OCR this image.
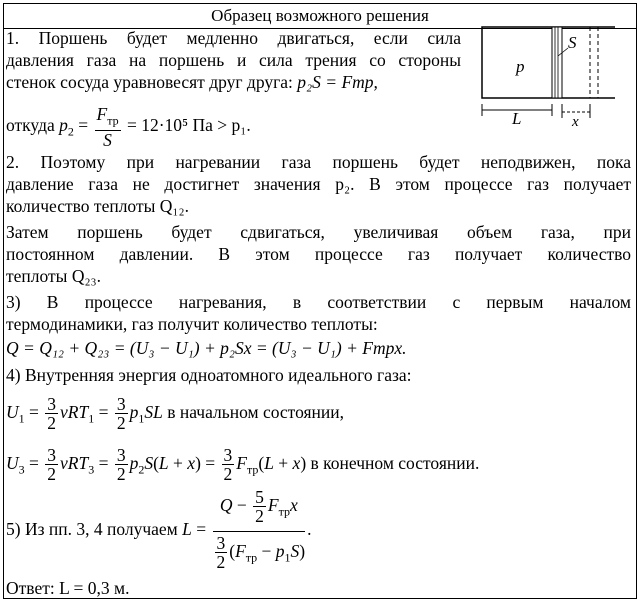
Образец возможного решения
1. Поршень будет медленно двигаться, если сила
давления газа на поршень и сила трения со стороны
стенок сосуда уравновесят друг друга: p₂S = Fтр,
откуда $p_2 = \frac{F_{тр}}{S} = 12\cdot 10^5$ Па > p₁.
p
S
L	x
2. Поэтому при нагревании газа поршень будет неподвижен, пока
давление газа не достигнет значения p₂. В этом процессе газ получает
количество теплоты Q₁₂.
Затем поршень будет сдвигаться, увеличивая объем газа, при
постоянном давлении. В этом процессе газ получает количество
теплоты Q₂₃.
3) В процессе нагревания, в соответствии с первым началом
термодинамики, газ получит количество теплоты:
Q = Q₁₂ + Q₂₃ = (U₃ − U₁) + p₂Sx = (U₃ − U₁) + Fтрx.
4) Внутренняя энергия одноатомного идеального газа:
$U_1 = \frac{3}{2} \nu RT_1 = \frac{3}{2} p_1SL$ в начальном состоянии,
$U_3 = \frac{3}{2} \nu RT_3 = \frac{3}{2} p_2S(L + x) = \frac{3}{2} F_{тр}(L + x)$ в конечном состоянии.
5) Из пп. 3, 4 получаем $L = \frac{Q - \frac{5}{2} F_{тр}x}{\frac{3}{2} (F_{тр} - p_1S)}$ .
Ответ: L = 0,3 м.
